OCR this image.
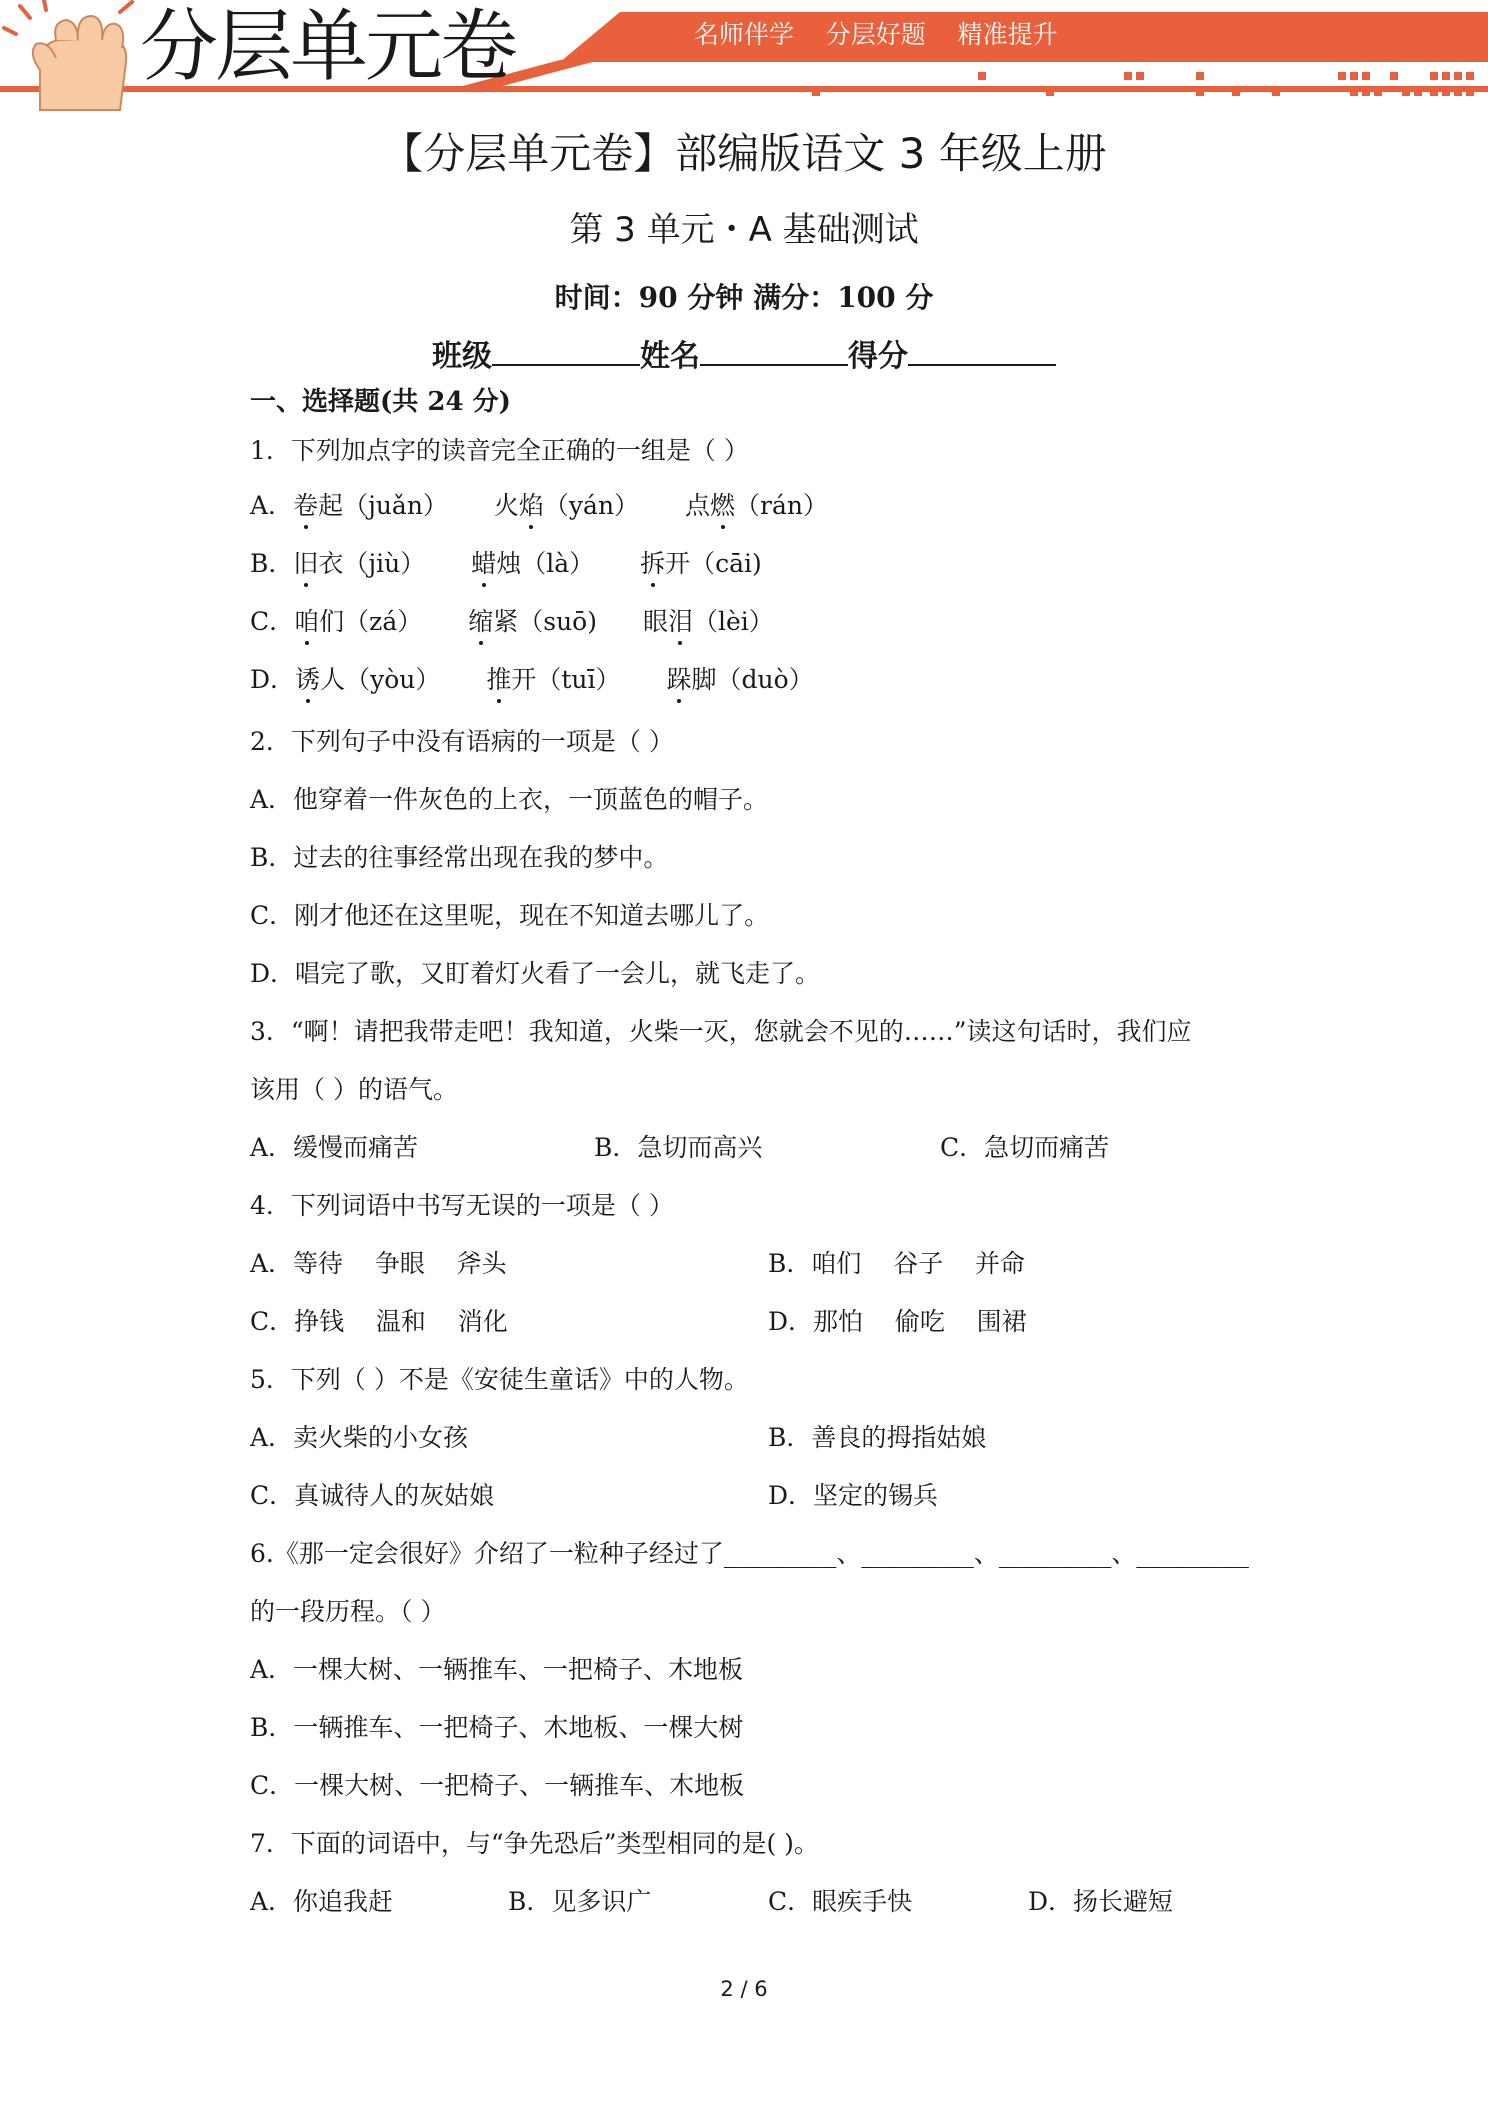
分层单元卷	名师伴学    分层好题    精准提升
【分层单元卷】部编版语文 3 年级上册
第 3 单元・A 基础测试
时间：90 分钟 满分：100 分
班级	姓名	得分
一、选择题(共 24 分)
1．下列加点字的读音完全正确的一组是（ ）
A．卷起（juǎn） 火焰（yán） 点燃（rán）
B．旧衣（jiù） 蜡烛（là） 拆开（cāi)
C．咱们（zá） 缩紧（suō) 眼泪（lèi）
D．诱人（yòu） 推开（tuī） 跺脚（duò）
2．下列句子中没有语病的一项是（ ）
A．他穿着一件灰色的上衣，一顶蓝色的帽子。
B．过去的往事经常出现在我的梦中。
C．刚才他还在这里呢，现在不知道去哪儿了。
D．唱完了歌，又盯着灯火看了一会儿，就飞走了。
3．“啊！请把我带走吧！我知道，火柴一灭，您就会不见的……”读这句话时，我们应
该用（ ）的语气。
A．缓慢而痛苦	B．急切而高兴	C．急切而痛苦
4．下列词语中书写无误的一项是（ ）
A．等待    争眼    斧头	B．咱们    谷子    并命
C．挣钱    温和    消化	D．那怕    偷吃    围裙
5．下列（ ）不是《安徒生童话》中的人物。
A．卖火柴的小女孩	B．善良的拇指姑娘
C．真诚待人的灰姑娘	D．坚定的锡兵
6.《那一定会很好》介绍了一粒种子经过了_________、_________、_________、_________
的一段历程。（ ）
A．一棵大树、一辆推车、一把椅子、木地板
B．一辆推车、一把椅子、木地板、一棵大树
C．一棵大树、一把椅子、一辆推车、木地板
7．下面的词语中，与“争先恐后”类型相同的是( )。
A．你追我赶	B．见多识广	C．眼疾手快	D．扬长避短
2 / 6
